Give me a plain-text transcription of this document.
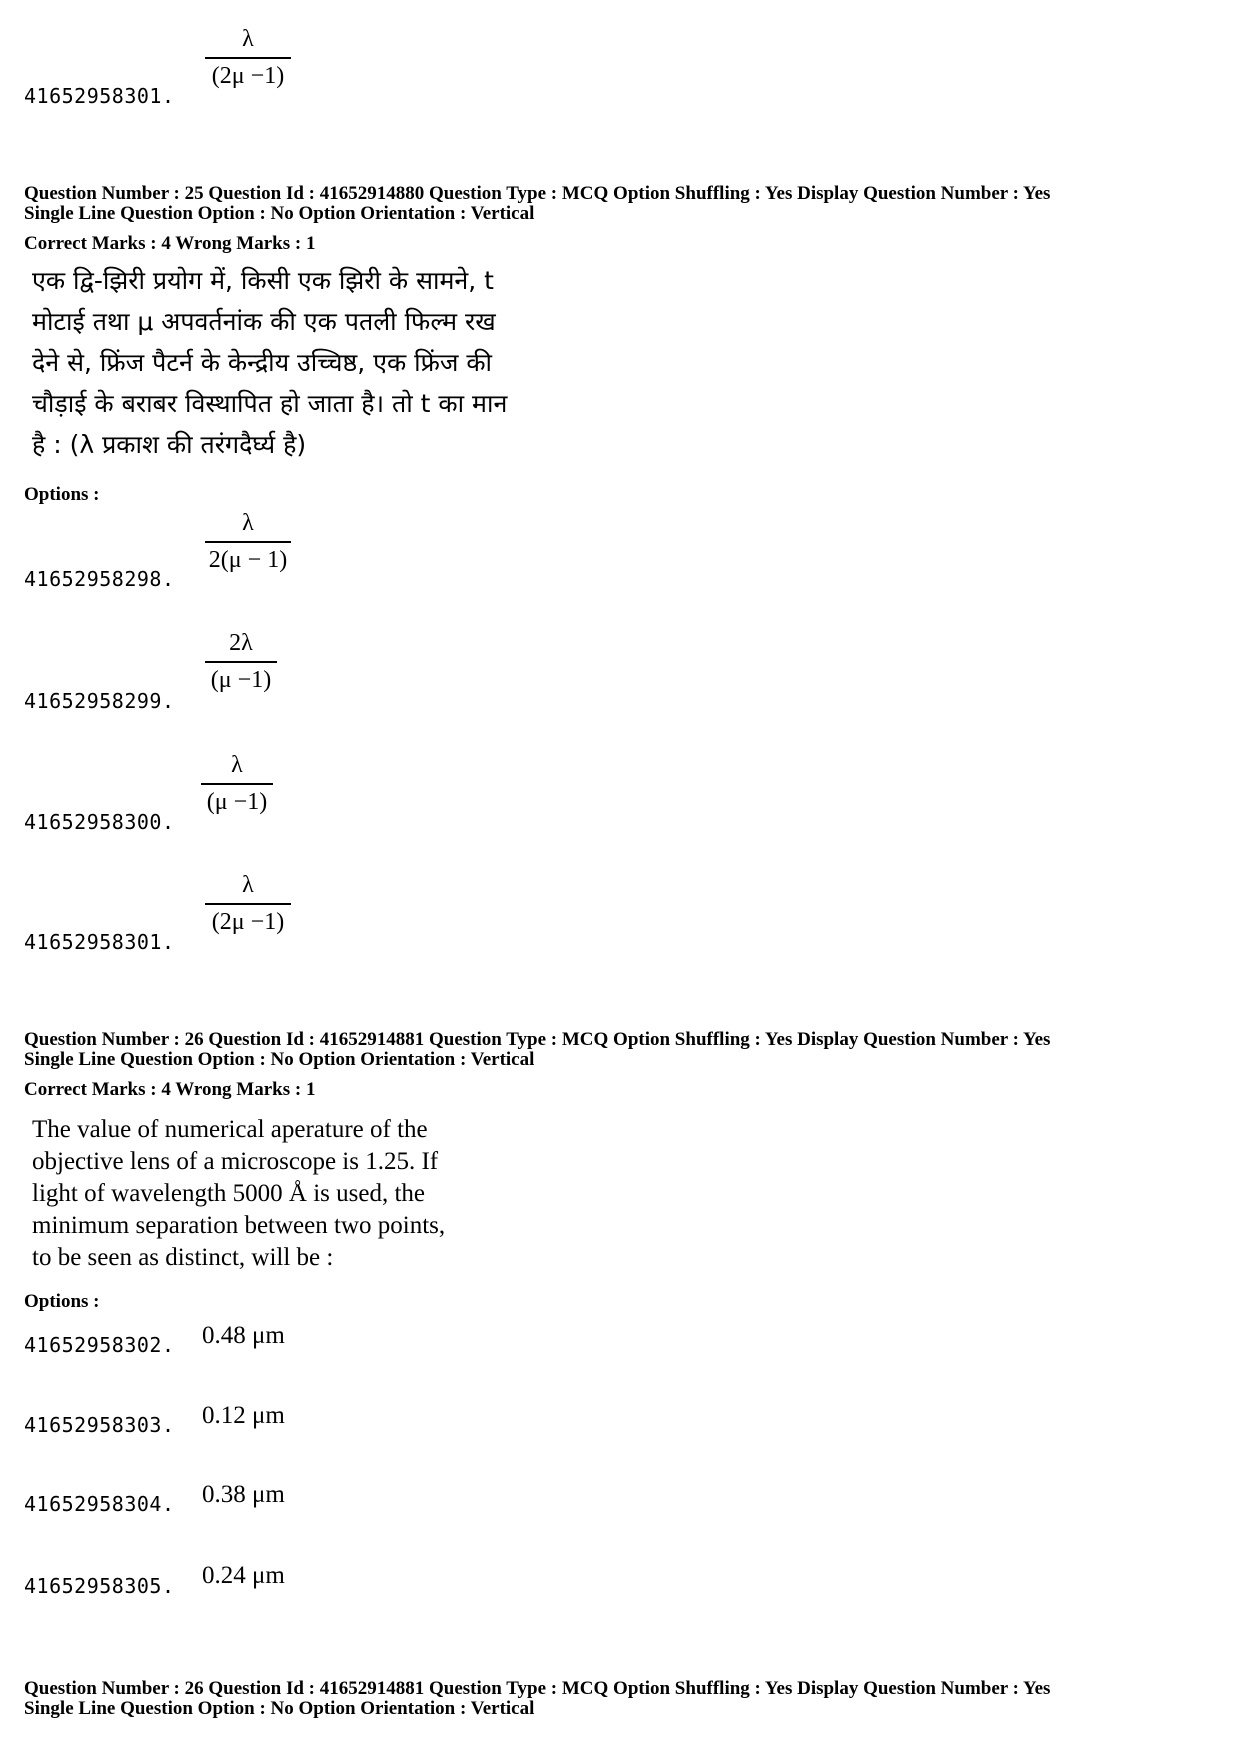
λ
(2μ −1)
41652958301.
Question Number : 25 Question Id : 41652914880 Question Type : MCQ Option Shuffling : Yes Display Question Number : Yes
Single Line Question Option : No Option Orientation : Vertical
Correct Marks : 4 Wrong Marks : 1
एक द्वि-झिरी प्रयोग में, किसी एक झिरी के सामने, t
मोटाई तथा μ अपवर्तनांक की एक पतली फिल्म रख
देने से, फ्रिंज पैटर्न के केन्द्रीय उच्चिष्ठ, एक फ्रिंज की
चौड़ाई के बराबर विस्थापित हो जाता है। तो t का मान
है : (λ प्रकाश की तरंगदैर्घ्य है)
Options :
λ
2(μ − 1)
41652958298.
2λ
(μ −1)
41652958299.
λ
(μ −1)
41652958300.
λ
(2μ −1)
41652958301.
Question Number : 26 Question Id : 41652914881 Question Type : MCQ Option Shuffling : Yes Display Question Number : Yes
Single Line Question Option : No Option Orientation : Vertical
Correct Marks : 4 Wrong Marks : 1
The value of numerical aperature of the
objective lens of a microscope is 1.25. If
light of wavelength 5000 Å is used, the
minimum separation between two points,
to be seen as distinct, will be :
Options :
0.48 μm
41652958302.
0.12 μm
41652958303.
0.38 μm
41652958304.
0.24 μm
41652958305.
Question Number : 26 Question Id : 41652914881 Question Type : MCQ Option Shuffling : Yes Display Question Number : Yes
Single Line Question Option : No Option Orientation : Vertical
